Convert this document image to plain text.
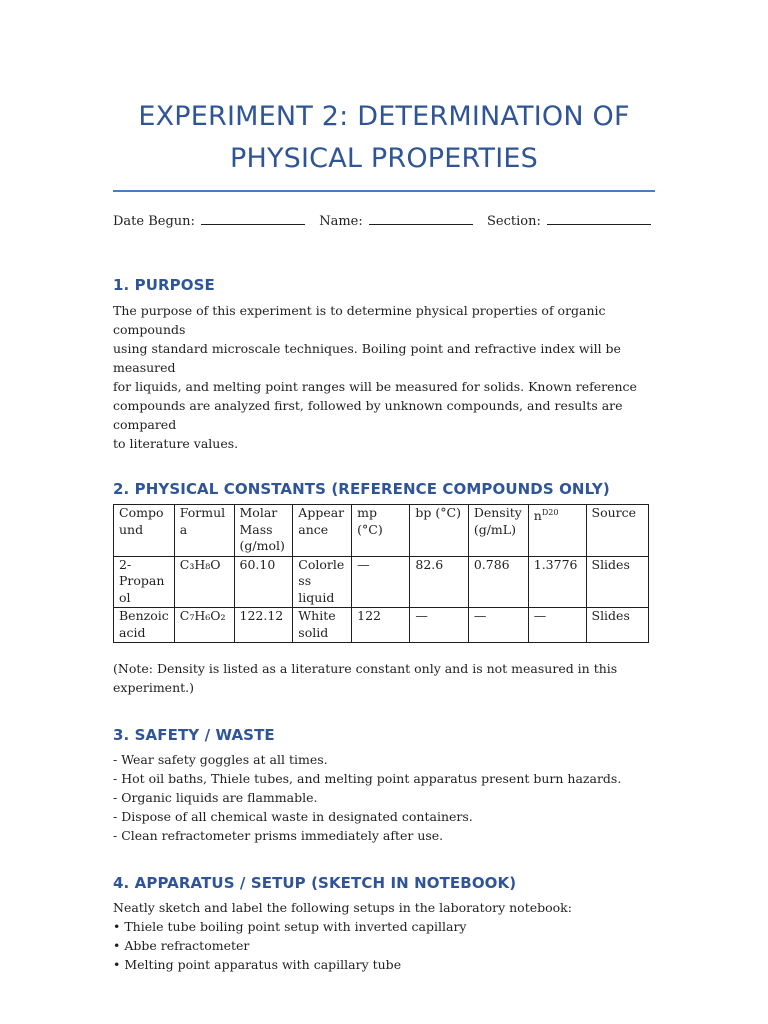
EXPERIMENT 2: DETERMINATION OF
PHYSICAL PROPERTIES
Date Begun:	Name:	Section:
1. PURPOSE

The purpose of this experiment is to determine physical properties of organic compounds
using standard microscale techniques. Boiling point and refractive index will be measured
for liquids, and melting point ranges will be measured for solids. Known reference
compounds are analyzed first, followed by unknown compounds, and results are compared
to literature values.

2. PHYSICAL CONSTANTS (REFERENCE COMPOUNDS ONLY)
Compo
und	Formul
a	Molar
Mass
(g/mol)	Appear
ance	mp (°C)	bp (°C)	Density
(g/mL)	$n^{D20}$	Source
2-
Propan
ol	C₃H₈O	60.10	Colorle
ss
liquid	—	82.6	0.786	1.3776	Slides
Benzoic
acid	C₇H₆O₂	122.12	White
solid	122	—	—	—	Slides

(Note: Density is listed as a literature constant only and is not measured in this experiment.)

3. SAFETY / WASTE

- Wear safety goggles at all times.

- Hot oil baths, Thiele tubes, and melting point apparatus present burn hazards.

- Organic liquids are flammable.

- Dispose of all chemical waste in designated containers.

- Clean refractometer prisms immediately after use.

4. APPARATUS / SETUP (SKETCH IN NOTEBOOK)

Neatly sketch and label the following setups in the laboratory notebook:

• Thiele tube boiling point setup with inverted capillary

• Abbe refractometer

• Melting point apparatus with capillary tube
